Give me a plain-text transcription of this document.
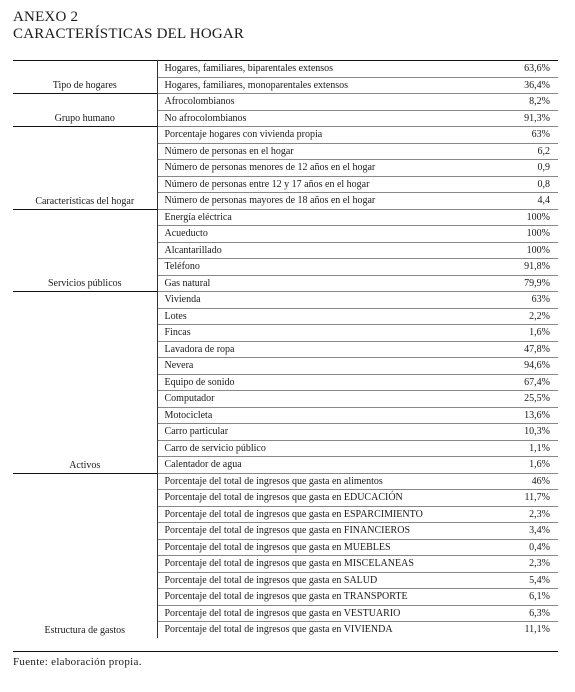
ANEXO 2
CARACTERÍSTICAS DEL HOGAR
Tipo de hogares	Hogares, familiares, biparentales extensos	63,6%
	Hogares, familiares, monoparentales extensos	36,4%
Grupo humano	Afrocolombianos	8,2%
	No afrocolombianos	91,3%
Características del hogar	Porcentaje hogares con vivienda propia	63%
	Número de personas en el hogar	6,2
	Número de personas menores de 12 años en el hogar	0,9
	Número de personas entre 12 y 17 años en el hogar	0,8
	Número de personas mayores de 18 años en el hogar	4,4
Servicios públicos	Energía eléctrica	100%
	Acueducto	100%
	Alcantarillado	100%
	Teléfono	91,8%
	Gas natural	79,9%
Activos	Vivienda	63%
	Lotes	2,2%
	Fincas	1,6%
	Lavadora de ropa	47,8%
	Nevera	94,6%
	Equipo de sonido	67,4%
	Computador	25,5%
	Motocicleta	13,6%
	Carro particular	10,3%
	Carro de servicio público	1,1%
	Calentador de agua	1,6%
Estructura de gastos	Porcentaje del total de ingresos que gasta en alimentos	46%
	Porcentaje del total de ingresos que gasta en EDUCACIÓN	11,7%
	Porcentaje del total de ingresos que gasta en ESPARCIMIENTO	2,3%
	Porcentaje del total de ingresos que gasta en FINANCIEROS	3,4%
	Porcentaje del total de ingresos que gasta en MUEBLES	0,4%
	Porcentaje del total de ingresos que gasta en MISCELANEAS	2,3%
	Porcentaje del total de ingresos que gasta en SALUD	5,4%
	Porcentaje del total de ingresos que gasta en TRANSPORTE	6,1%
	Porcentaje del total de ingresos que gasta en VESTUARIO	6,3%
	Porcentaje del total de ingresos que gasta en VIVIENDA	11,1%
Fuente: elaboración propia.
